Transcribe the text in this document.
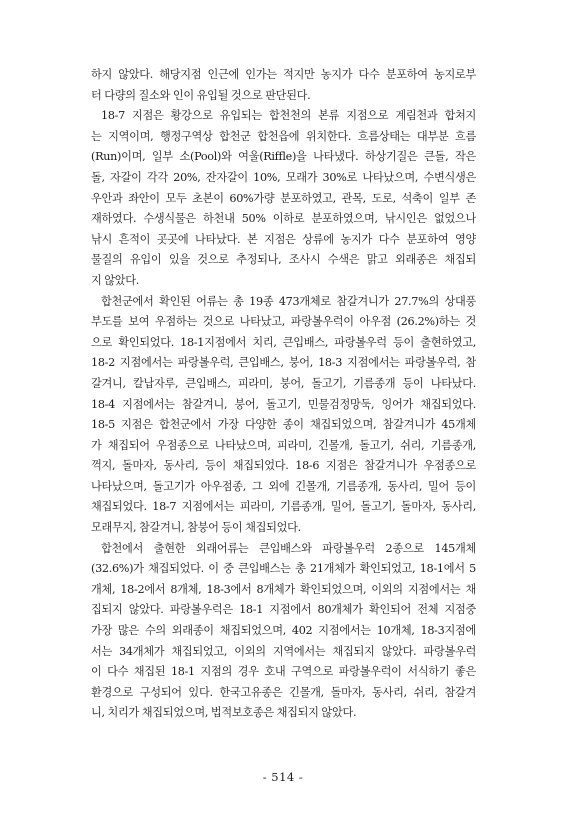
하지 않았다. 해당지점 인근에 인가는 적지만 농지가 다수 분포하여 농지로부
터 다량의 질소와 인이 유입될 것으로 판단된다.
18-7 지점은 황강으로 유입되는 합천천의 본류 지점으로 계림천과 합쳐지
는 지역이며, 행정구역상 합천군 합천읍에 위치한다. 흐름상태는 대부분 흐름
(Run)이며, 일부 소(Pool)와 여울(Riffle)을 나타냈다. 하상기질은 큰돌, 작은
돌, 자갈이 각각 20%, 잔자갈이 10%, 모래가 30%로 나타났으며, 수변식생은
우안과 좌안이 모두 초본이 60%가량 분포하였고, 관목, 도로, 석축이 일부 존
재하였다. 수생식물은 하천내 50% 이하로 분포하였으며, 낚시인은 없었으나
낚시 흔적이 곳곳에 나타났다. 본 지점은 상류에 농지가 다수 분포하여 영양
물질의 유입이 있을 것으로 추정되나, 조사시 수색은 맑고 외래종은 채집되
지 않았다.
합천군에서 확인된 어류는 총 19종 473개체로 참갈겨니가 27.7%의 상대풍
부도를 보여 우점하는 것으로 나타났고, 파랑볼우럭이 아우점 (26.2%)하는 것
으로 확인되었다. 18-1지점에서 치리, 큰입배스, 파랑볼우럭 등이 출현하였고,
18-2 지점에서는 파랑볼우럭, 큰입배스, 붕어, 18-3 지점에서는 파랑볼우럭, 참
갈겨니, 칼납자루, 큰입배스, 피라미, 붕어, 돌고기, 기름종개 등이 나타났다.
18-4 지점에서는 참갈겨니, 붕어, 돌고기, 민물검정망둑, 잉어가 채집되었다.
18-5 지점은 합천군에서 가장 다양한 종이 채집되었으며, 참갈겨니가 45개체
가 채집되어 우점종으로 나타났으며, 피라미, 긴몰개, 돌고기, 쉬리, 기름종개,
꺽지, 돌마자, 동사리, 등이 채집되었다. 18-6 지점은 참갈겨니가 우점종으로
나타났으며, 돌고기가 아우점종, 그 외에 긴몰개, 기름종개, 동사리, 밀어 등이
채집되었다. 18-7 지점에서는 피라미, 기름종개, 밀어, 돌고기, 돌마자, 동사리,
모래무지, 참갈겨니, 참붕어 등이 채집되었다.
합천에서 출현한 외래어류는 큰입배스와 파랑볼우럭 2종으로 145개체
(32.6%)가 채집되었다. 이 중 큰입배스는 총 21개체가 확인되었고, 18-1에서 5
개체, 18-2에서 8개체, 18-3에서 8개체가 확인되었으며, 이외의 지점에서는 채
집되지 않았다. 파랑볼우럭은 18-1 지점에서 80개체가 확인되어 전체 지점중
가장 많은 수의 외래종이 채집되었으며, 402 지점에서는 10개체, 18-3지점에
서는 34개체가 채집되었고, 이외의 지역에서는 채집되지 않았다. 파랑볼우럭
이 다수 채집된 18-1 지점의 경우 호내 구역으로 파랑볼우럭이 서식하기 좋은
환경으로 구성되어 있다. 한국고유종은 긴몰개, 돌마자, 동사리, 쉬리, 참갈겨
니, 치리가 채집되었으며, 법적보호종은 채집되지 않았다.
- 514 -
